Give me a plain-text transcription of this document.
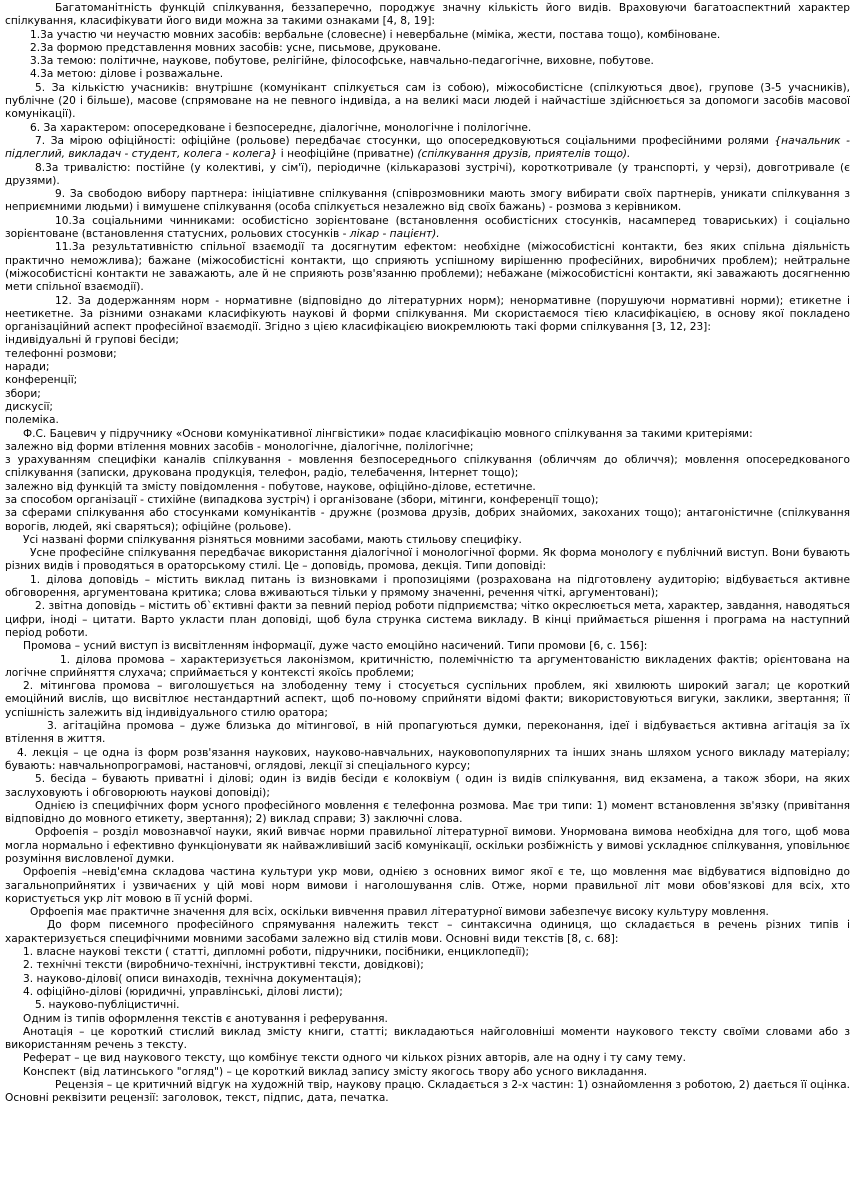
Багатоманітність функцій спілкування, беззаперечно, породжує значну кількість його видів. Враховуючи багатоаспектний характер спілкування, класифікувати його види можна за такими ознаками [4, 8, 19]:

1.3а участю чи неучастю мовних засобів: вербальне (словесне) і невербальне (міміка, жести, постава тощо), комбіноване.

2.3а формою представлення мовних засобів: усне, письмове, друковане.

3.3а темою: політичне, наукове, побутове, релігійне, філософське, навчально-педагогічне, виховне, побутове.

4.3а метою: ділове і розважальне.

5. За кількістю учасників: внутрішнє (комунікант спілкується сам із собою), міжособистісне (спілкуються двоє), групове (3-5 учасників), публічне (20 і більше), масове (спрямоване на не певного індивіда, а на великі маси людей і найчастіше здійснюється за допомоги засобів масової комунікації).

6. За характером: опосередковане і безпосереднє, діалогічне, монологічне і полілогічне.

7. За мірою офіційності: офіційне (рольове) передбачає стосунки, що опосередковуються соціальними професійними ролями {начальник - підлеглий, викладач - студент, колега - колега} і неофіційне (приватне) (спілкування друзів, приятелів тощо).

8.3а тривалістю: постійне (у колективі, у сім'ї), періодичне (кількаразові зустрічі), короткотривале (у транспорті, у черзі), довготривале (є друзями).

9. За свободою вибору партнера: ініціативне спілкування (співрозмовники мають змогу вибирати своїх партнерів, уникати спілкування з неприємними людьми) і вимушене спілкування (особа спілкується незалежно від своїх бажань) - розмова з керівником.

10.3а соціальними чинниками: особистісно зорієнтоване (встановлення особистісних стосунків, насамперед товариських) і соціально зорієнтоване (встановлення статусних, рольових стосунків - лікар - пацієнт).

11.3а результативністю спільної взаємодії та досягнутим ефектом: необхідне (міжособистісні контакти, без яких спільна діяльність практично неможлива); бажане (міжособистісні контакти, що сприяють успішному вирішенню професійних, виробничих проблем); нейтральне (міжособистісні контакти не заважають, але й не сприяють розв'язанню проблеми); небажане (міжособистісні контакти, які заважають досягненню мети спільної взаємодії).

12. За додержанням норм - нормативне (відповідно до літературних норм); ненормативне (порушуючи нормативні норми); етикетне і неетикетне. За різними ознаками класифікують наукові й форми спілкування. Ми скористаємося тією класифікацією, в основу якої покладено організаційний аспект професійної взаємодії. Згідно з цією класифікацією виокремлюють такі форми спілкування [3, 12, 23]:

індивідуальні й групові бесіди;

телефонні розмови;

наради;

конференції;

збори;

дискусії;

полеміка.

Ф.С. Бацевич у підручнику «Основи комунікативної лінгвістики» подає класифікацію мовного спілкування за такими критеріями:

залежно від форми втілення мовних засобів - монологічне, діалогічне, полілогічне;

з урахуванням специфіки каналів спілкування - мовлення безпосереднього спілкування (обличчям до обличчя); мовлення опосередкованого спілкування (записки, друкована продукція, телефон, радіо, телебачення, Інтернет тощо);

залежно від функцій та змісту повідомлення - побутове, наукове, офіційно-ділове, естетичне.

за способом організації - стихійне (випадкова зустріч) і організоване (збори, мітинги, конференції тощо);

за сферами спілкування або стосунками комунікантів - дружнє (розмова друзів, добрих знайомих, закоханих тощо); антагоністичне (спілкування ворогів, людей, які сваряться); офіційне (рольове).

Усі названі форми спілкування різняться мовними засобами, мають стильову специфіку.

Усне професійне спілкування передбачає використання діалогічної і монологічної форми. Як форма монологу є публічний виступ. Вони бувають різних видів і проводяться в ораторському стилі. Це – доповідь, промова, декція. Типи доповіді:

1. ділова доповідь – містить виклад питань із визновками і пропозиціями (розрахована на підготовлену аудиторію; відбувається активне обговорення, аргументована критика; слова вживаються тільки у прямому значенні, речення чіткі, аргументовані);

2. звітна доповідь – містить об`єктивні факти за певний період роботи підприємства; чітко окреслюється мета, характер, завдання, наводяться цифри, іноді – цитати. Варто укласти план доповіді, щоб була струнка система викладу. В кінці приймається рішення і програма на наступний період роботи.

Промова – усний виступ із висвітленням інформації, дуже часто емоційно насичений. Типи промови [6, с. 156]:

1. ділова промова – характеризується лаконізмом, критичністю, полемічністю та аргументованістю викладених фактів; орієнтована на логічне сприйняття слухача; сприймається у контексті якоїсь проблеми;

2. мітингова промова – виголошується на злободенну тему і стосується суспільних проблем, які хвилюють широкий загал; це короткий емоційний вислів, що висвітлює нестандартний аспект, щоб по-новому сприйняти відомі факти; використовуються вигуки, заклики, звертання; її успішність залежить від індивідуального стилю оратора;

3. агітаційна промова – дуже близька до мітингової, в ній пропагуються думки, переконання, ідеї і відбувається активна агітація за їх втілення в життя.

4. лекція – це одна із форм розв'язання наукових, науково-навчальних, науковопопулярних та інших знань шляхом усного викладу матеріалу; бувають: навчальнопрограмові, настановчі, оглядові, лекції зі спеціального курсу;

5. бесіда – бувають приватні і ділові; один із видів бесіди є колоквіум ( один із видів спілкування, вид екзамена, а також збори, на яких заслуховують і обговорюють наукові доповіді);

Однією із специфічних форм усного професійного мовлення є телефонна розмова. Має три типи: 1) момент встановлення зв'язку (привітання відповідно до мовного етикету, звертання); 2) виклад справи; 3) заключні слова.

Орфоепія – розділ мовознавчої науки, який вивчає норми правильної літературної вимови. Унормована вимова необхідна для того, щоб мова могла нормально і ефективно функціонувати як найважливіший засіб комунікації, оскільки розбіжність у вимові ускладнює спілкування, уповільнює розуміння висловленої думки.

Орфоепія –невід'ємна складова частина культури укр мови, однією з основних вимог якої є те, що мовлення має відбуватися відповідно до загальноприйнятих і узвичаєних у цій мові норм вимови і наголошування слів. Отже, норми правильної літ мови обов'язкові для всіх, хто користується укр літ мовою в її усній формі.

Орфоепія має практичне значення для всіх, оскільки вивчення правил літературної вимови забезпечує високу культуру мовлення.

До форм писемного професійного спрямування належить текст – синтаксична одиниця, що складається в речень різних типів і характеризується специфічними мовними засобами залежно від стилів мови. Основні види текстів [8, с. 68]:

1. власне наукові тексти ( статті, дипломні роботи, підручники, посібники, енциклопедії);

2. технічні тексти (виробничо-технічні, інструктивні тексти, довідкові);

3. науково-ділові( описи винаходів, технічна документація);

4. офіційно-ділові (юридичні, управлінські, ділові листи);

5. науково-публіцистичні.

Одним із типів оформлення текстів є анотування і реферування.

Анотація – це короткий стислий виклад змісту книги, статті; викладаються найголовніші моменти наукового тексту своїми словами або з використанням речень з тексту.

Реферат – це вид наукового тексту, що комбінує тексти одного чи кількох різних авторів, але на одну і ту саму тему.

Конспект (від латинського "огляд") – це короткий виклад запису змісту якогось твору або усного викладання.

Рецензія – це критичний відгук на художній твір, наукову працю. Складається з 2-х частин: 1) ознайомлення з роботою, 2) дається її оцінка. Основні реквізити рецензії: заголовок, текст, підпис, дата, печатка.
